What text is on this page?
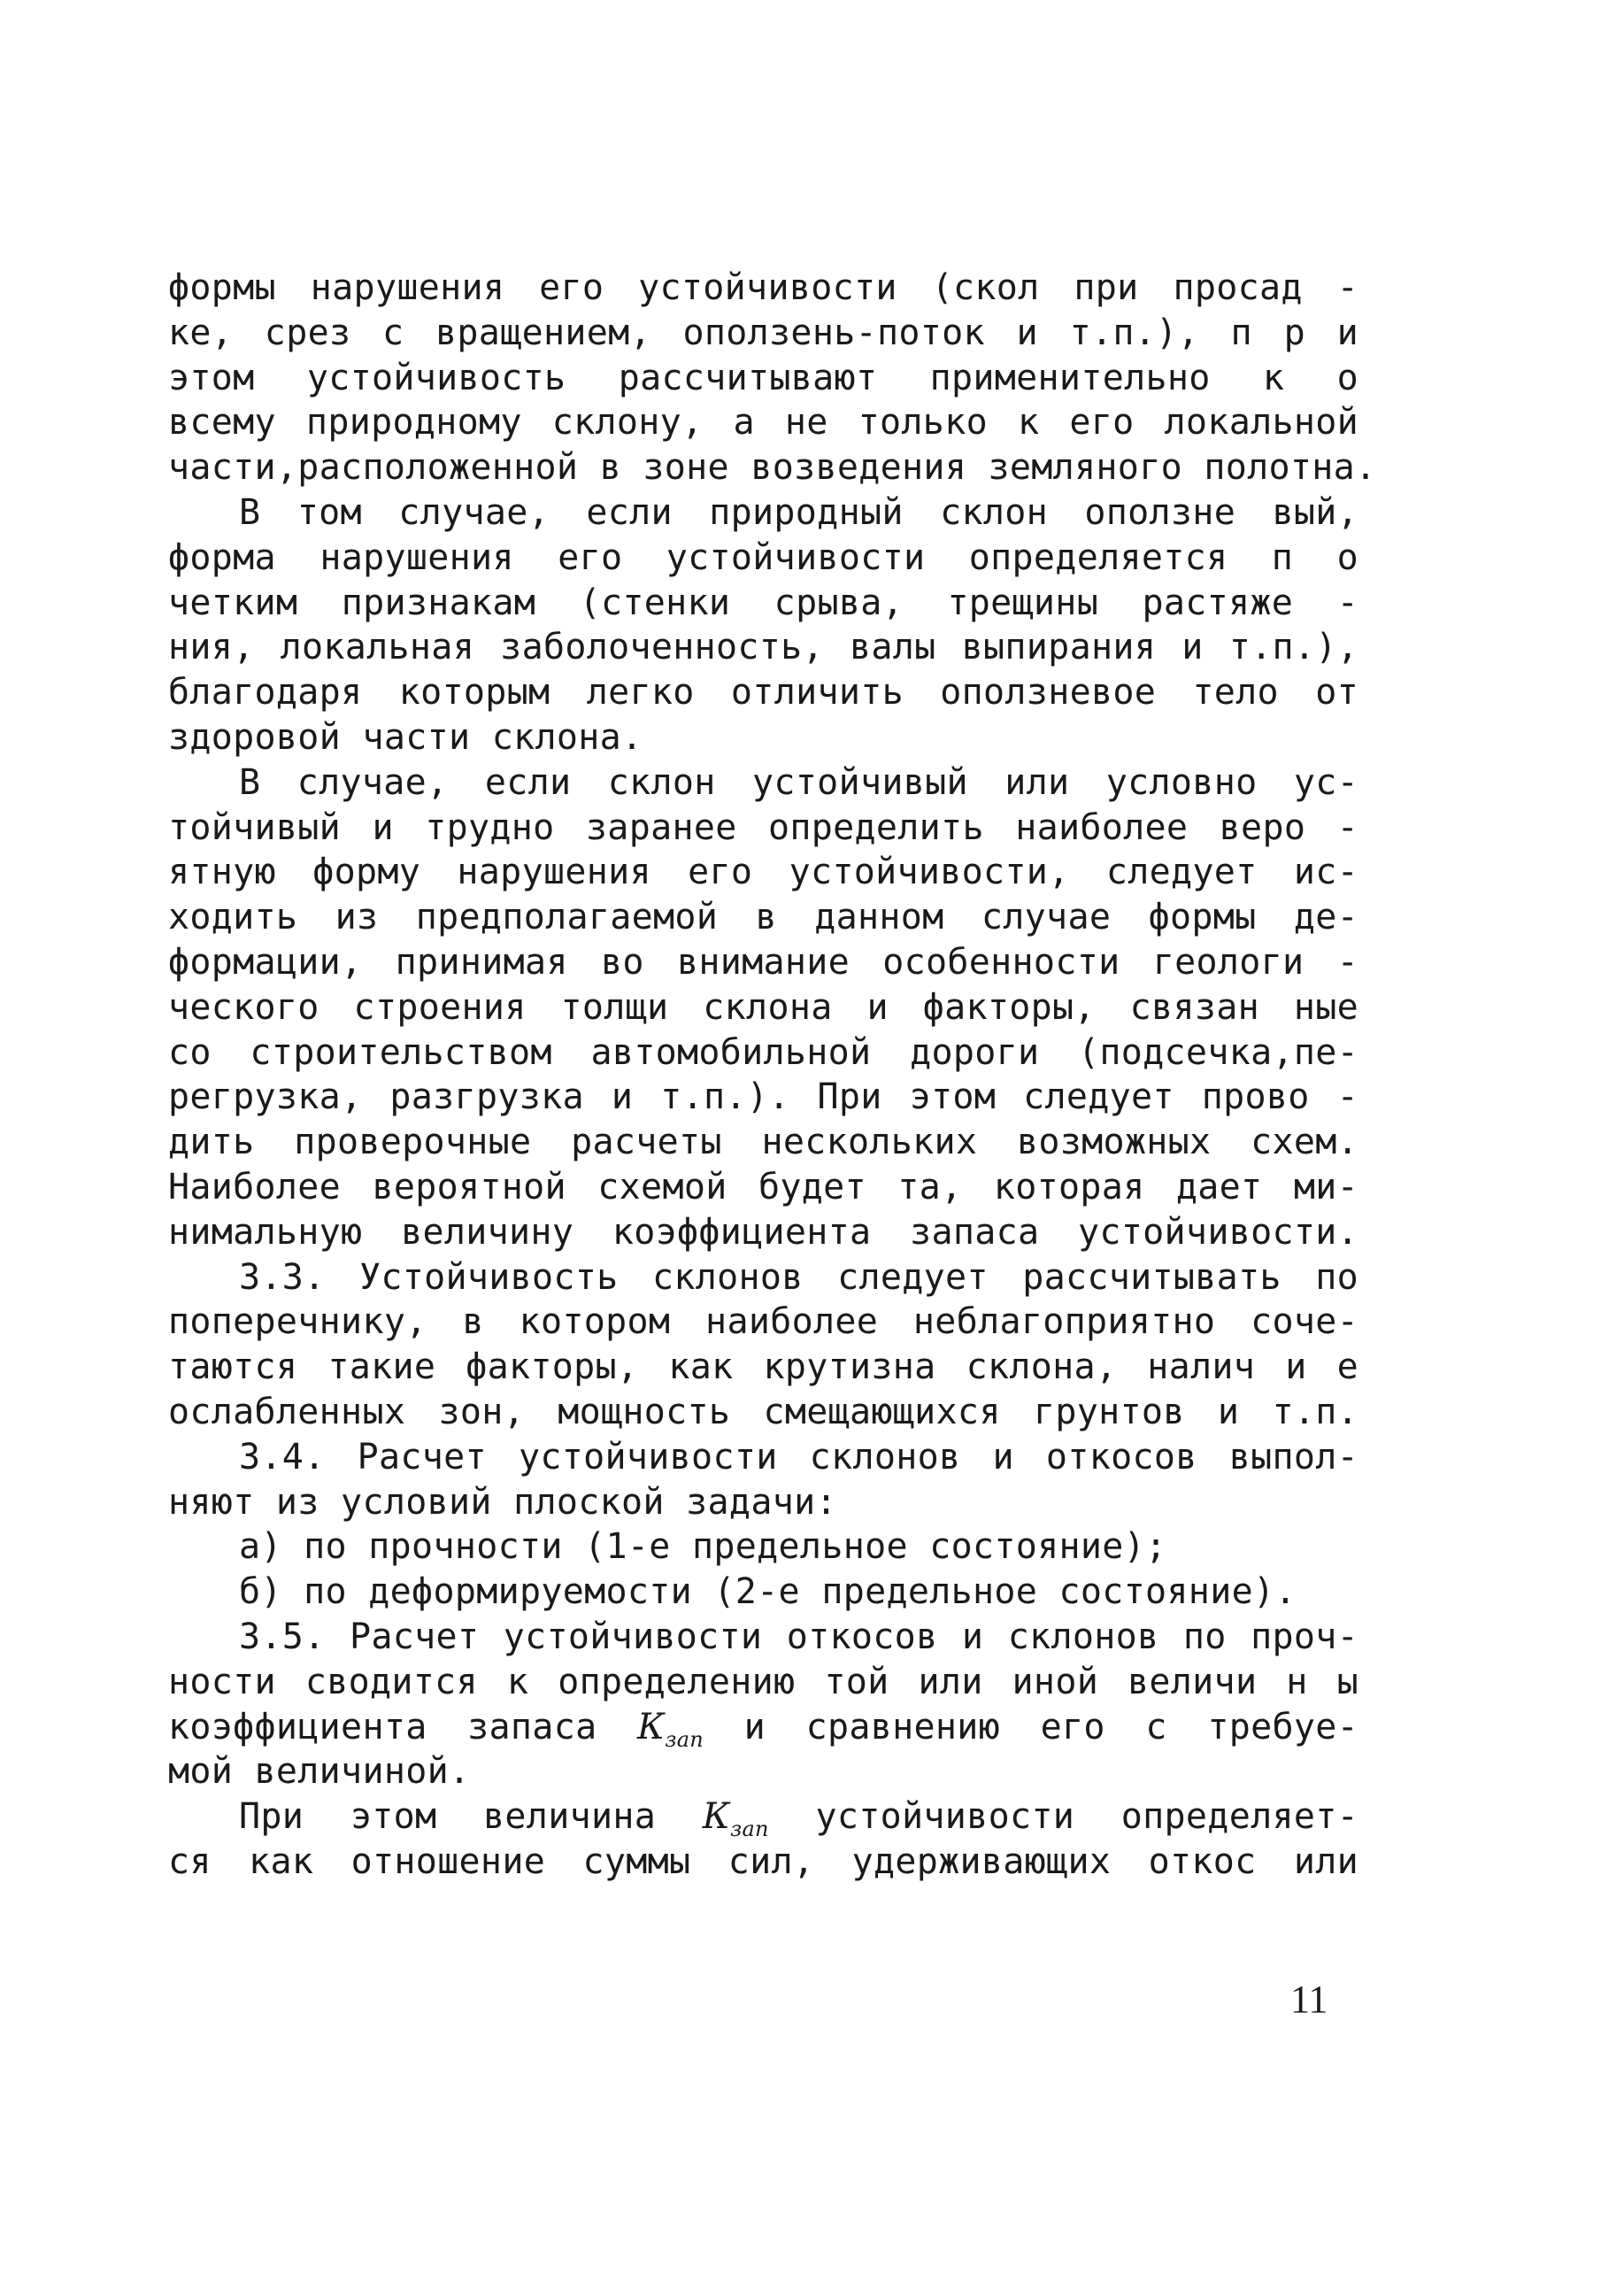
формы нарушения его устойчивости (скол при просад -
ке, срез с вращением, оползень-поток и т.п.), п р и
этом устойчивость рассчитывают применительно к о
всему природному склону, а не только к его локальной
части,расположенной в зоне возведения земляного полотна.
В том случае, если природный склон оползне вый,
форма нарушения его устойчивости определяется п о
четким признакам (стенки срыва, трещины растяже -
ния, локальная заболоченность, валы выпирания и т.п.),
благодаря которым легко отличить оползневое тело от
здоровой части склона.
В случае, если склон устойчивый или условно ус-
тойчивый и трудно заранее определить наиболее веро -
ятную форму нарушения его устойчивости, следует ис-
ходить из предполагаемой в данном случае формы де-
формации, принимая во внимание особенности геологи -
ческого строения толщи склона и факторы, связан ные
со строительством автомобильной дороги (подсечка,пе-
регрузка, разгрузка и т.п.). При этом следует прово -
дить проверочные расчеты нескольких возможных схем.
Наиболее вероятной схемой будет та, которая дает ми-
нимальную величину коэффициента запаса устойчивости.
3.3. Устойчивость склонов следует рассчитывать по
поперечнику, в котором наиболее неблагоприятно соче-
таются такие факторы, как крутизна склона, налич и е
ослабленных зон, мощность смещающихся грунтов и т.п.
3.4. Расчет устойчивости склонов и откосов выпол-
няют из условий плоской задачи:
а) по прочности (1-е предельное состояние);
б) по деформируемости (2-е предельное состояние).
3.5. Расчет устойчивости откосов и склонов по проч-
ности сводится к определению той или иной величи н ы
коэффициента запаса $К_{зап}$ и сравнению его с требуе-
мой величиной.
При этом величина $К_{зап}$ устойчивости определяет-
ся как отношение суммы сил, удерживающих откос или
11
